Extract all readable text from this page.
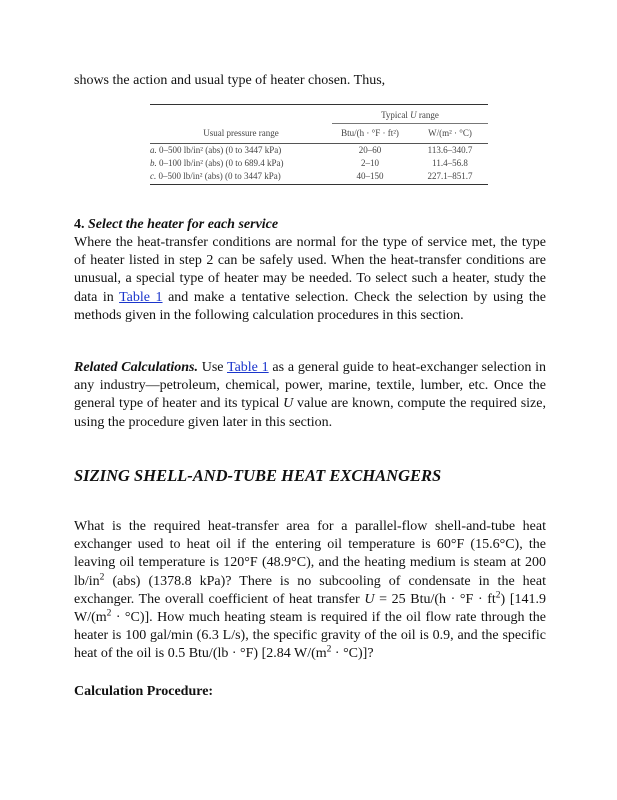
shows the action and usual type of heater chosen. Thus,
Typical U range
Usual pressure range	Btu/(h · °F · ft²)	W/(m² · °C)
a. 0–500 lb/in² (abs) (0 to 3447 kPa)	20–60	113.6–340.7
b. 0–100 lb/in² (abs) (0 to 689.4 kPa)	2–10	11.4–56.8
c. 0–500 lb/in² (abs) (0 to 3447 kPa)	40–150	227.1–851.7
4. Select the heater for each service
Where the heat-transfer conditions are normal for the type of service met, the type of heater listed in step 2 can be safely used. When the heat-transfer conditions are unusual, a special type of heater may be needed. To select such a heater, study the data in Table 1 and make a tentative selection. Check the selection by using the methods given in the following calculation procedures in this section.
Related Calculations. Use Table 1 as a general guide to heat-exchanger selection in any industry—petroleum, chemical, power, marine, textile, lumber, etc. Once the general type of heater and its typical U value are known, compute the required size, using the procedure given later in this section.
SIZING SHELL-AND-TUBE HEAT EXCHANGERS
What is the required heat-transfer area for a parallel-flow shell-and-tube heat exchanger used to heat oil if the entering oil temperature is 60°F (15.6°C), the leaving oil temperature is 120°F (48.9°C), and the heating medium is steam at 200 $lb/in^2$ (abs) (1378.8 kPa)? There is no subcooling of condensate in the heat exchanger. The overall coefficient of heat transfer U = 25 $Btu/(h \cdot ^\circ F \cdot ft^2)$ [141.9 $W/(m^2 \cdot ^\circ C)$]. How much heating steam is required if the oil flow rate through the heater is 100 gal/min (6.3 L/s), the specific gravity of the oil is 0.9, and the specific heat of the oil is 0.5 Btu/(lb · °F) [2.84 $W/(m^2 \cdot ^\circ C)$]?
Calculation Procedure:
